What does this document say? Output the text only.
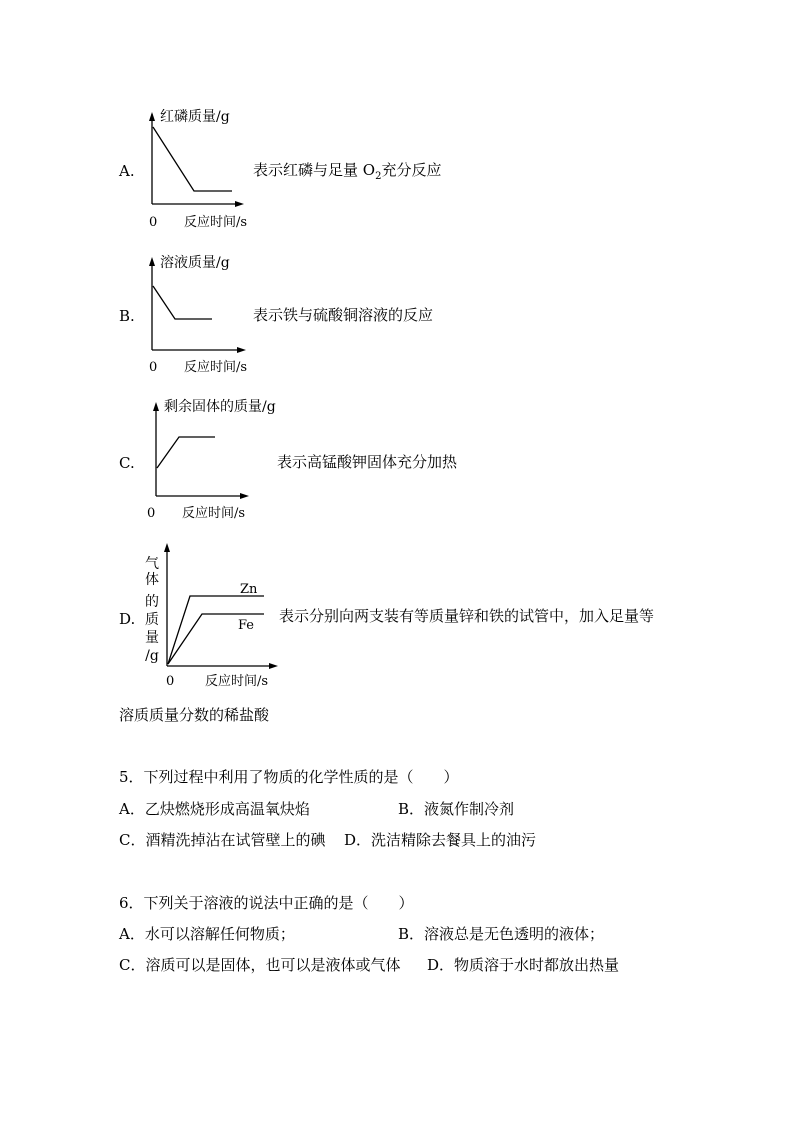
A.
红磷质量/g
0 反应时间/s
表示红磷与足量 $O_2$充分反应
B.
溶液质量/g
0 反应时间/s
表示铁与硫酸铜溶液的反应
C.
剩余固体的质量/g
0 反应时间/s
表示高锰酸钾固体充分加热
D.
气
体
的
质
量
/g
Zn
Fe
0 反应时间/s
表示分别向两支装有等质量锌和铁的试管中，加入足量等
溶质质量分数的稀盐酸
5．下列过程中利用了物质的化学性质的是（　　）
A．乙炔燃烧形成高温氧炔焰	B．液氮作制冷剂
C．酒精洗掉沾在试管壁上的碘 D．洗洁精除去餐具上的油污
6．下列关于溶液的说法中正确的是（　　）
A．水可以溶解任何物质；	B．溶液总是无色透明的液体；
C．溶质可以是固体，也可以是液体或气体 D．物质溶于水时都放出热量
